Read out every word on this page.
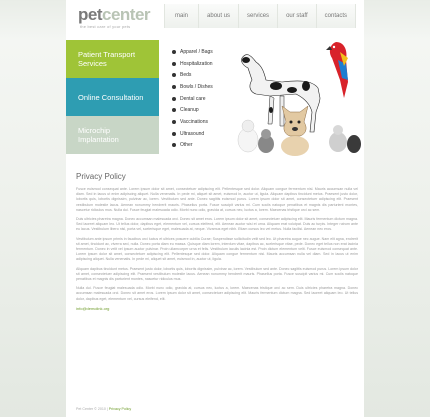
petcenter
the best care of your pets
main	about us	services	our staff	contacts
Patient Transport Services
Online Consultation
Microchip Implantation
Apparel / Bags
Hospitalization
Beds
Bowls / Dishes
Dental care
Cleanup
Vaccinations
Ultrasound
Other
Privacy Policy

Fusce euismod consequat ante. Lorem ipsum dolor sit amet, consectetuer adipiscing elit. Pellentesque sed dolor. Aliquam congue fermentum nisl. Mauris accumsan nulla vel diam. Sed in lacus ut enim adipiscing aliquet. Nulla venenatis. In pede mi, aliquet sit amet, euismod in, auctor ut, ligula. Aliquam dapibus tincidunt metus. Praesent justo dolor, lobortis quis, lobortis dignissim, pulvinar ac, lorem. Vestibulum sed ante. Donec sagittis euismod purus. Lorem ipsum dolor sit amet, consectetuer adipiscing elit. Praesent vestibulum molestie lacus. Aenean nonummy hendrerit mauris. Phasellus porta. Fusce suscipit varius mi. Cum sociis natoque penatibus et magnis dis parturient montes, nascetur ridiculus mus. Nulla dui. Fusce feugiat malesuada odio. Morbi nunc odio, gravida at, cursus nec, luctus a, lorem. Maecenas tristique orci ac sem.

Duis ultricies pharetra magna. Donec accumsan malesuada orci. Donec sit amet eros. Lorem ipsum dolor sit amet, consectetuer adipiscing elit. Mauris fermentum dictum magna. Sed laoreet aliquam leo. Ut tellus dolor, dapibus eget, elementum vel, cursus eleifend, elit. Aenean auctor wisi et urna. Aliquam erat volutpat. Duis ac turpis. Integer rutrum ante eu lacus. Vestibulum libero nisl, porta vel, scelerisque eget, malesuada at, neque. Vivamus eget nibh. Etiam cursus leo vel metus. Nulla facilisi. Aenean nec eros.

Vestibulum ante ipsum primis in faucibus orci luctus et ultrices posuere cubilia Curae; Suspendisse sollicitudin velit sed leo. Ut pharetra augue nec augue. Nam elit agna, endrerit sit amet, tincidunt ac, viverra sed, nulla. Donec porta diam eu massa. Quisque diam lorem, interdum vitae, dapibus ac, scelerisque vitae, pede. Donec eget tellus non erat lacinia fermentum. Donec in velit vel ipsum auctor pulvinar. Proin ullamcorper urna et felis. Vestibulum iaculis lacinia est. Proin dictum elementum velit. Fusce euismod consequat ante. Lorem ipsum dolor sit amet, consectetuer adipiscing elit. Pellentesque sed dolor. Aliquam congue fermentum nisl. Mauris accumsan nulla vel diam. Sed in lacus ut enim adipiscing aliquet. Nulla venenatis. In pede mi, aliquet sit amet, euismod in, auctor ut, ligula.

Aliquam dapibus tincidunt metus. Praesent justo dolor, lobortis quis, lobortis dignissim, pulvinar ac, lorem. Vestibulum sed ante. Donec sagittis euismod purus. Lorem ipsum dolor sit amet, consectetuer adipiscing elit. Praesent vestibulum molestie lacus. Aenean nonummy hendrerit mauris. Phasellus porta. Fusce suscipit varius mi. Cum sociis natoque penatibus et magnis dis parturient montes, nascetur ridiculus mus.

Nulla dui. Fusce feugiat malesuada odio. Morbi nunc odio, gravida at, cursus nec, luctus a, lorem. Maecenas tristique orci ac sem. Duis ultricies pharetra magna. Donec accumsan malesuada orci. Donec sit amet eros. Lorem ipsum dolor sit amet, consectetuer adipiscing elit. Mauris fermentum dictum magna. Sed laoreet aliquam leo. Ut tellus dolor, dapibus eget, elementum vel, cursus eleifend, elit.

info@demolink.org
Pet Center © 2010 | Privacy Policy
